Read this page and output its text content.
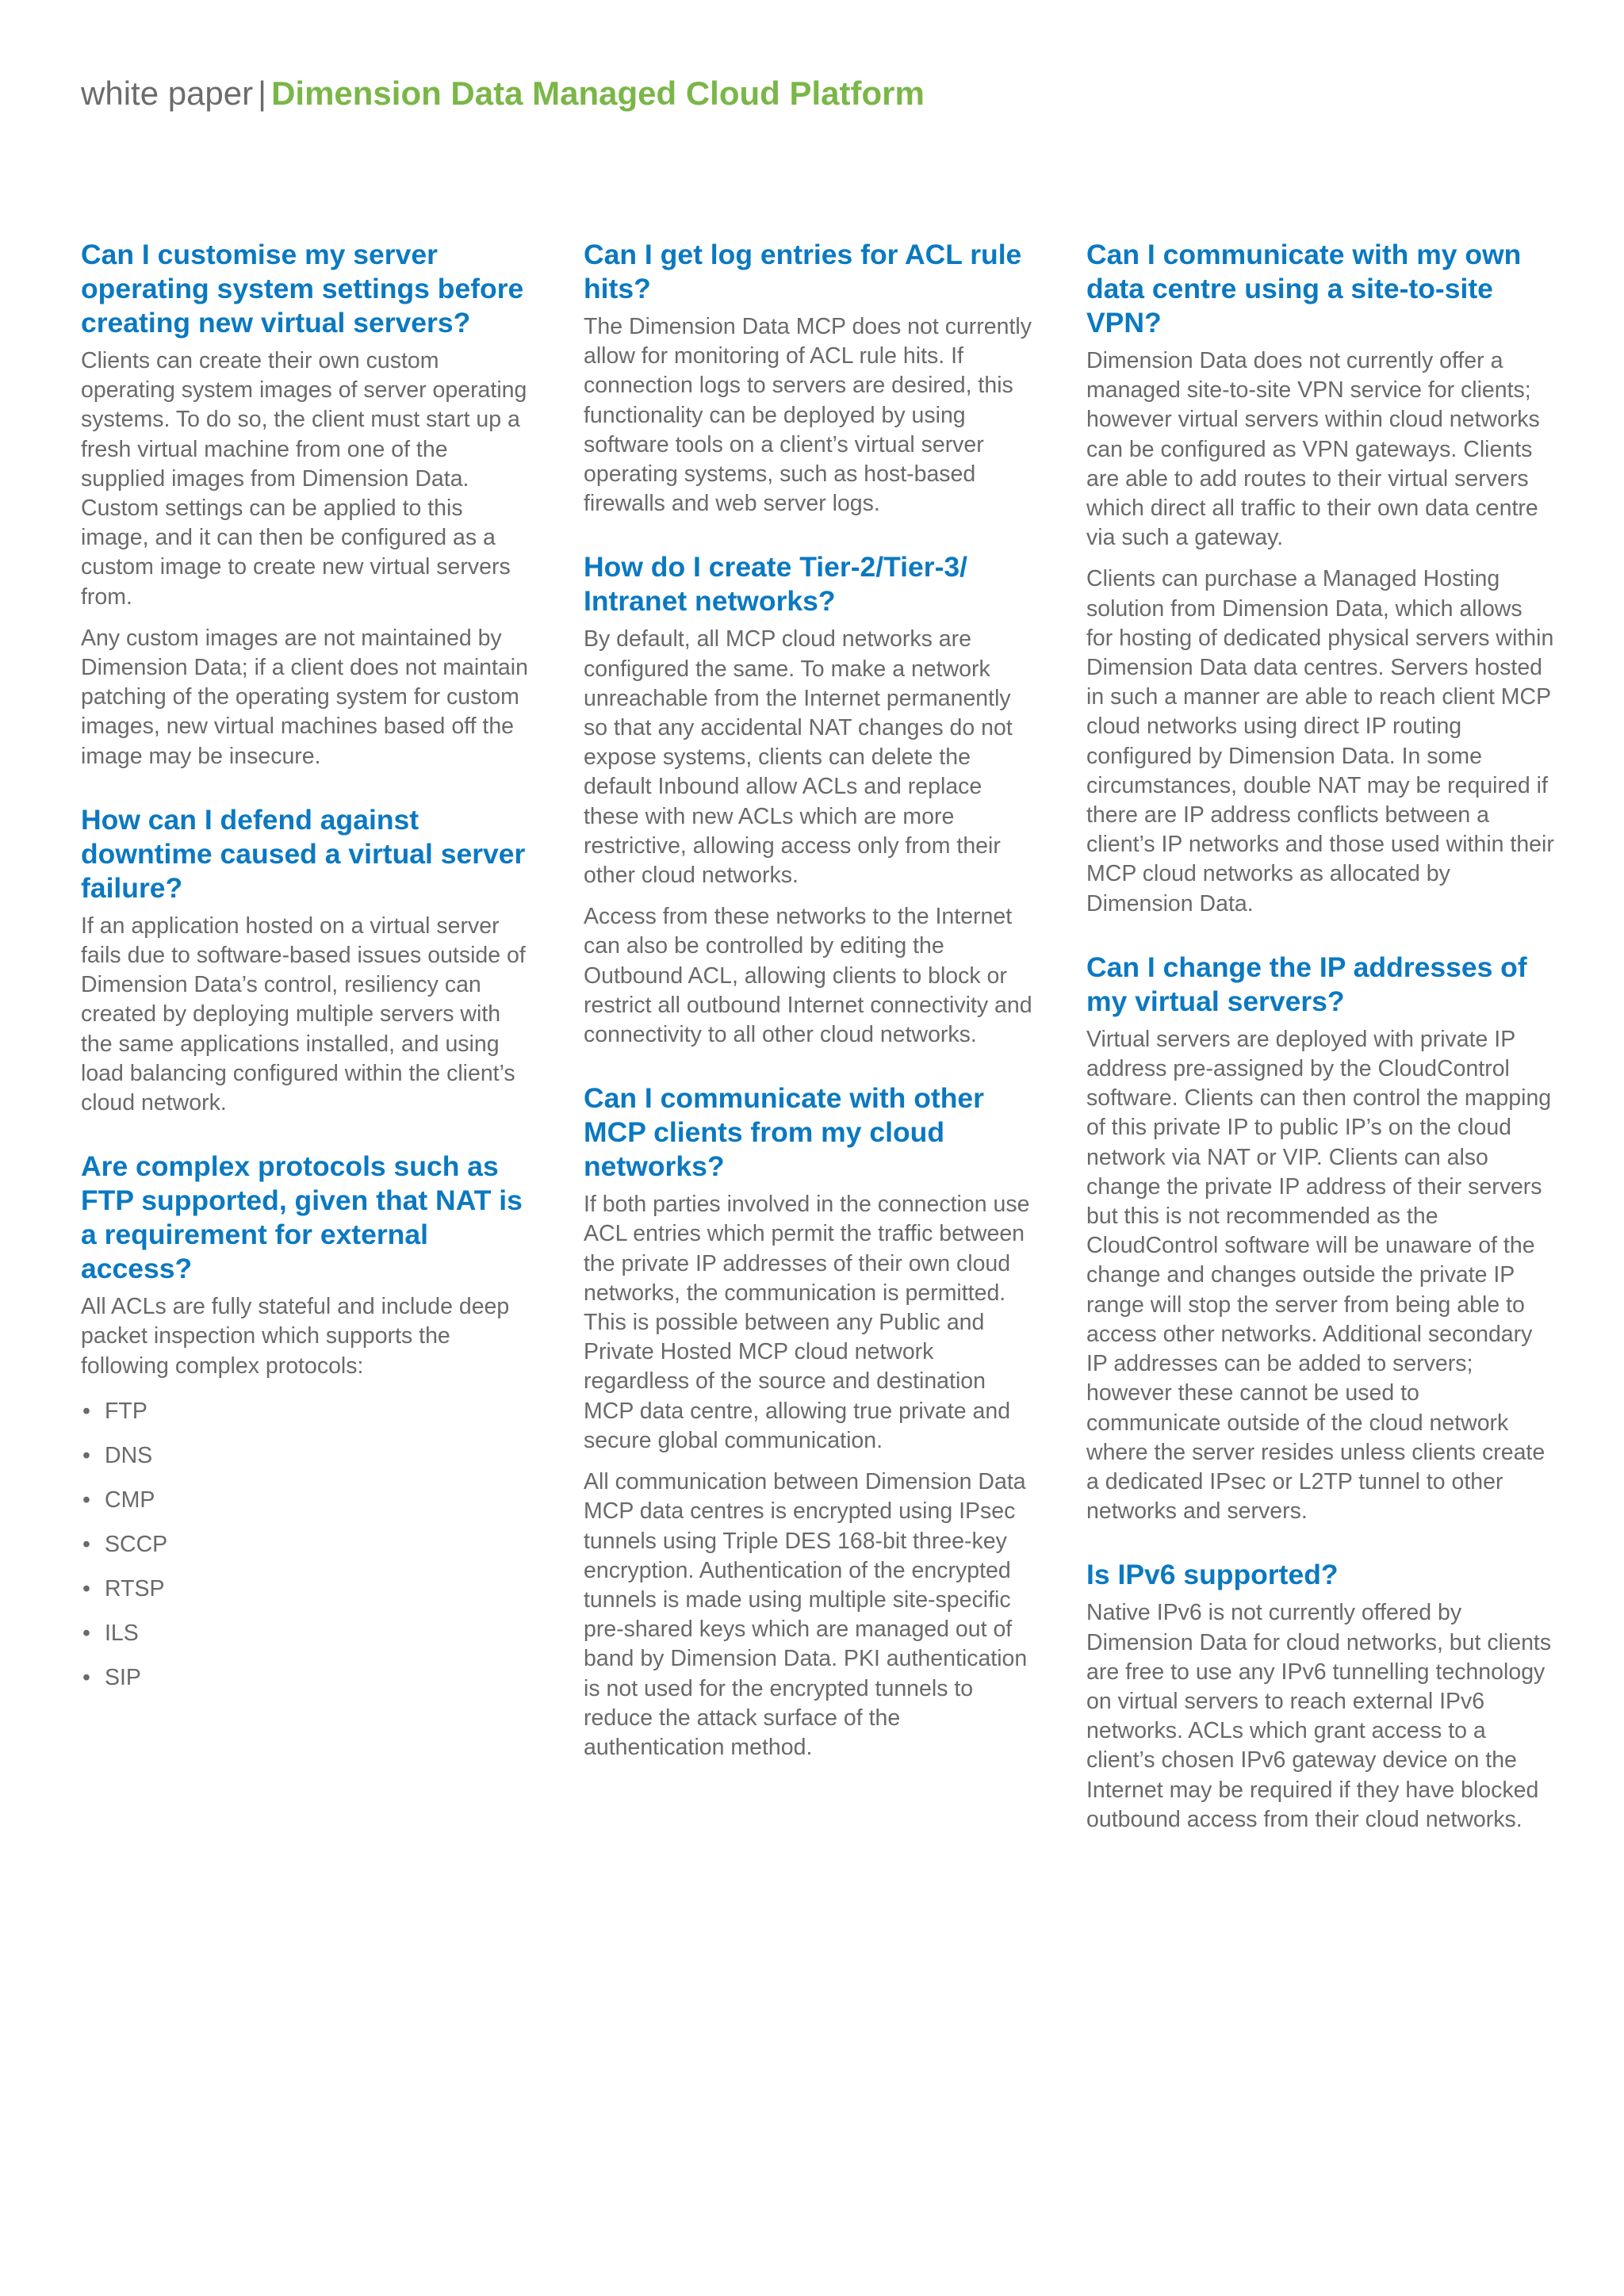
white paper | Dimension Data Managed Cloud Platform
Can I customise my server operating system settings before creating new virtual servers?

Clients can create their own custom operating system images of server operating systems. To do so, the client must start up a fresh virtual machine from one of the supplied images from Dimension Data. Custom settings can be applied to this image, and it can then be configured as a custom image to create new virtual servers from.

Any custom images are not maintained by Dimension Data; if a client does not maintain patching of the operating system for custom images, new virtual machines based off the image may be insecure.

How can I defend against downtime caused a virtual server failure?

If an application hosted on a virtual server fails due to software-based issues outside of Dimension Data’s control, resiliency can created by deploying multiple servers with the same applications installed, and using load balancing configured within the client’s cloud network.

Are complex protocols such as FTP supported, given that NAT is a requirement for external access?

All ACLs are fully stateful and include deep packet inspection which supports the following complex protocols:

• FTP
• DNS
• CMP
• SCCP
• RTSP
• ILS
• SIP
Can I get log entries for ACL rule hits?

The Dimension Data MCP does not currently allow for monitoring of ACL rule hits. If connection logs to servers are desired, this functionality can be deployed by using software tools on a client’s virtual server operating systems, such as host-based firewalls and web server logs.

How do I create Tier-2/Tier-3/ Intranet networks?

By default, all MCP cloud networks are configured the same. To make a network unreachable from the Internet permanently so that any accidental NAT changes do not expose systems, clients can delete the default Inbound allow ACLs and replace these with new ACLs which are more restrictive, allowing access only from their other cloud networks.

Access from these networks to the Internet can also be controlled by editing the Outbound ACL, allowing clients to block or restrict all outbound Internet connectivity and connectivity to all other cloud networks.

Can I communicate with other MCP clients from my cloud networks?

If both parties involved in the connection use ACL entries which permit the traffic between the private IP addresses of their own cloud networks, the communication is permitted. This is possible between any Public and Private Hosted MCP cloud network regardless of the source and destination MCP data centre, allowing true private and secure global communication.

All communication between Dimension Data MCP data centres is encrypted using IPsec tunnels using Triple DES 168-bit three-key encryption. Authentication of the encrypted tunnels is made using multiple site-specific pre-shared keys which are managed out of band by Dimension Data. PKI authentication is not used for the encrypted tunnels to reduce the attack surface of the authentication method.

Can I communicate with my own data centre using a site-to-site VPN?

Dimension Data does not currently offer a managed site-to-site VPN service for clients; however virtual servers within cloud networks can be configured as VPN gateways. Clients are able to add routes to their virtual servers which direct all traffic to their own data centre via such a gateway.

Clients can purchase a Managed Hosting solution from Dimension Data, which allows for hosting of dedicated physical servers within Dimension Data data centres. Servers hosted in such a manner are able to reach client MCP cloud networks using direct IP routing configured by Dimension Data. In some circumstances, double NAT may be required if there are IP address conflicts between a client’s IP networks and those used within their MCP cloud networks as allocated by Dimension Data.

Can I change the IP addresses of my virtual servers?

Virtual servers are deployed with private IP address pre-assigned by the CloudControl software. Clients can then control the mapping of this private IP to public IP’s on the cloud network via NAT or VIP. Clients can also change the private IP address of their servers but this is not recommended as the CloudControl software will be unaware of the change and changes outside the private IP range will stop the server from being able to access other networks. Additional secondary IP addresses can be added to servers; however these cannot be used to communicate outside of the cloud network where the server resides unless clients create a dedicated IPsec or L2TP tunnel to other networks and servers.

Is IPv6 supported?

Native IPv6 is not currently offered by Dimension Data for cloud networks, but clients are free to use any IPv6 tunnelling technology on virtual servers to reach external IPv6 networks. ACLs which grant access to a client’s chosen IPv6 gateway device on the Internet may be required if they have blocked outbound access from their cloud networks.
